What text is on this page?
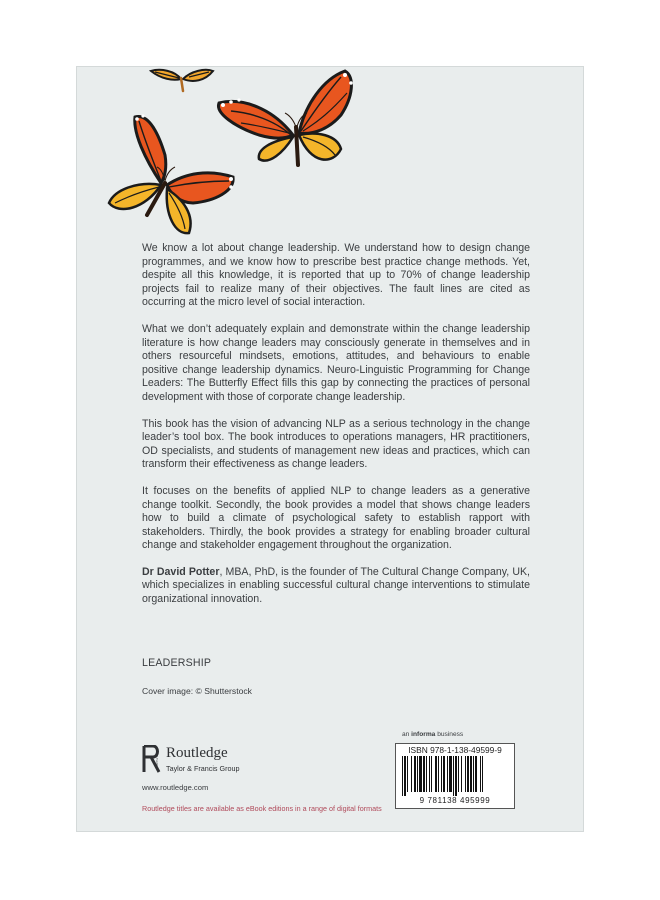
We know a lot about change leadership. We understand how to design change programmes, and we know how to prescribe best practice change methods. Yet, despite all this knowledge, it is reported that up to 70% of change leadership projects fail to realize many of their objectives. The fault lines are cited as occurring at the micro level of social interaction.

What we don’t adequately explain and demonstrate within the change leadership literature is how change leaders may consciously generate in themselves and in others resourceful mindsets, emotions, attitudes, and behaviours to enable positive change leadership dynamics. Neuro-Linguistic Programming for Change Leaders: The Butterfly Effect fills this gap by connecting the practices of personal development with those of corporate change leadership.

This book has the vision of advancing NLP as a serious technology in the change leader’s tool box. The book introduces to operations managers, HR practitioners, OD specialists, and students of management new ideas and practices, which can transform their effectiveness as change leaders.

It focuses on the benefits of applied NLP to change leaders as a generative change toolkit. Secondly, the book provides a model that shows change leaders how to build a climate of psychological safety to establish rapport with stakeholders. Thirdly, the book provides a strategy for enabling broader cultural change and stakeholder engagement throughout the organization.

Dr David Potter, MBA, PhD, is the founder of The Cultural Change Company, UK, which specializes in enabling successful cultural change interventions to stimulate organizational innovation.

LEADERSHIP
Cover image: © Shutterstock
ROUTLEDGE Routledge
Taylor & Francis Group
www.routledge.com
Routledge titles are available as eBook editions in a range of digital formats
an informa business
ISBN 978-1-138-49599-9
9 781138 495999
